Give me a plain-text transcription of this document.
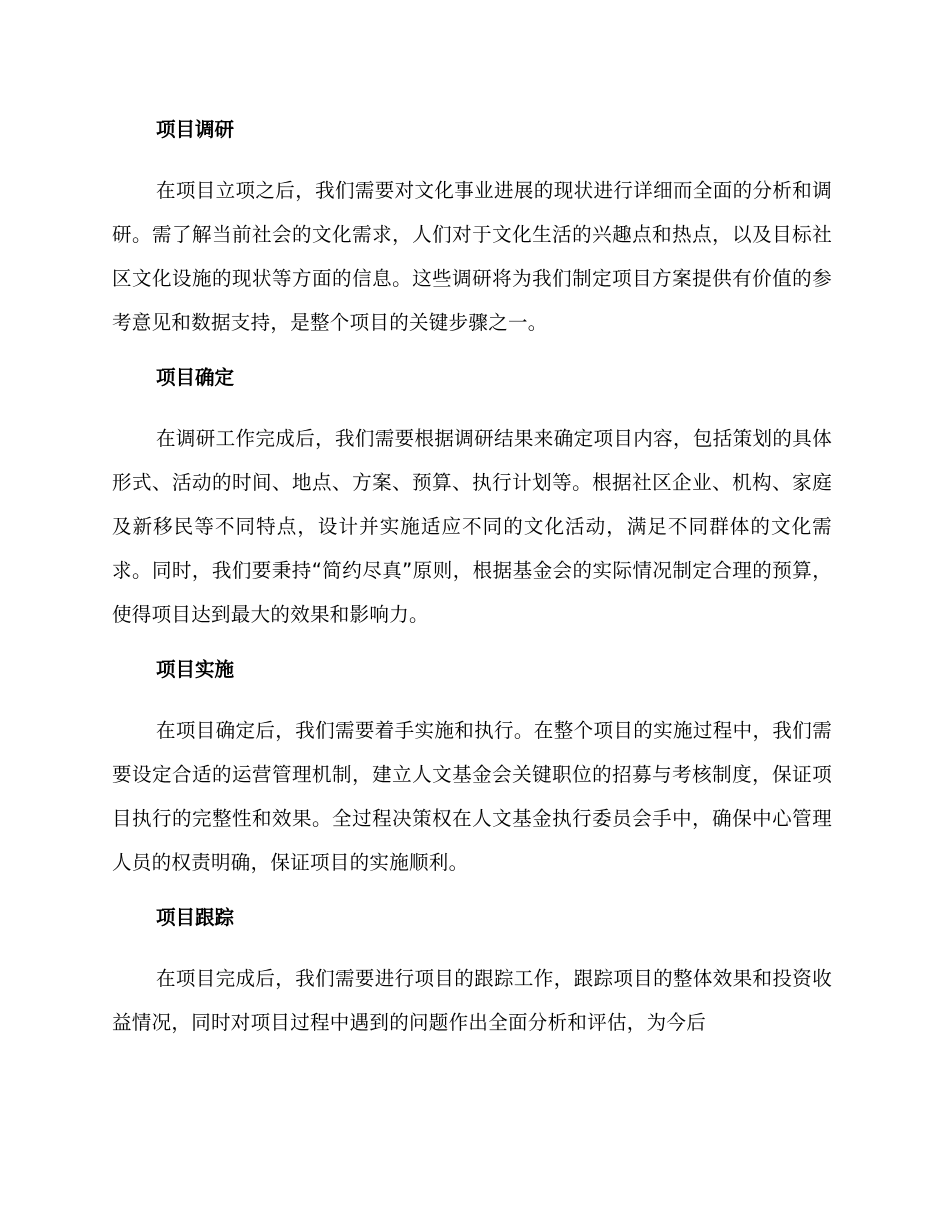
项目调研

在项目立项之后，我们需要对文化事业进展的现状进行详细而全面的分析和调研。需了解当前社会的文化需求，人们对于文化生活的兴趣点和热点，以及目标社区文化设施的现状等方面的信息。这些调研将为我们制定项目方案提供有价值的参考意见和数据支持，是整个项目的关键步骤之一。

项目确定

在调研工作完成后，我们需要根据调研结果来确定项目内容，包括策划的具体形式、活动的时间、地点、方案、预算、执行计划等。根据社区企业、机构、家庭及新移民等不同特点，设计并实施适应不同的文化活动，满足不同群体的文化需求。同时，我们要秉持“简约尽真”原则，根据基金会的实际情况制定合理的预算，使得项目达到最大的效果和影响力。

项目实施

在项目确定后，我们需要着手实施和执行。在整个项目的实施过程中，我们需要设定合适的运营管理机制，建立人文基金会关键职位的招募与考核制度，保证项目执行的完整性和效果。全过程决策权在人文基金执行委员会手中，确保中心管理人员的权责明确，保证项目的实施顺利。

项目跟踪

在项目完成后，我们需要进行项目的跟踪工作，跟踪项目的整体效果和投资收益情况，同时对项目过程中遇到的问题作出全面分析和评估，为今后
